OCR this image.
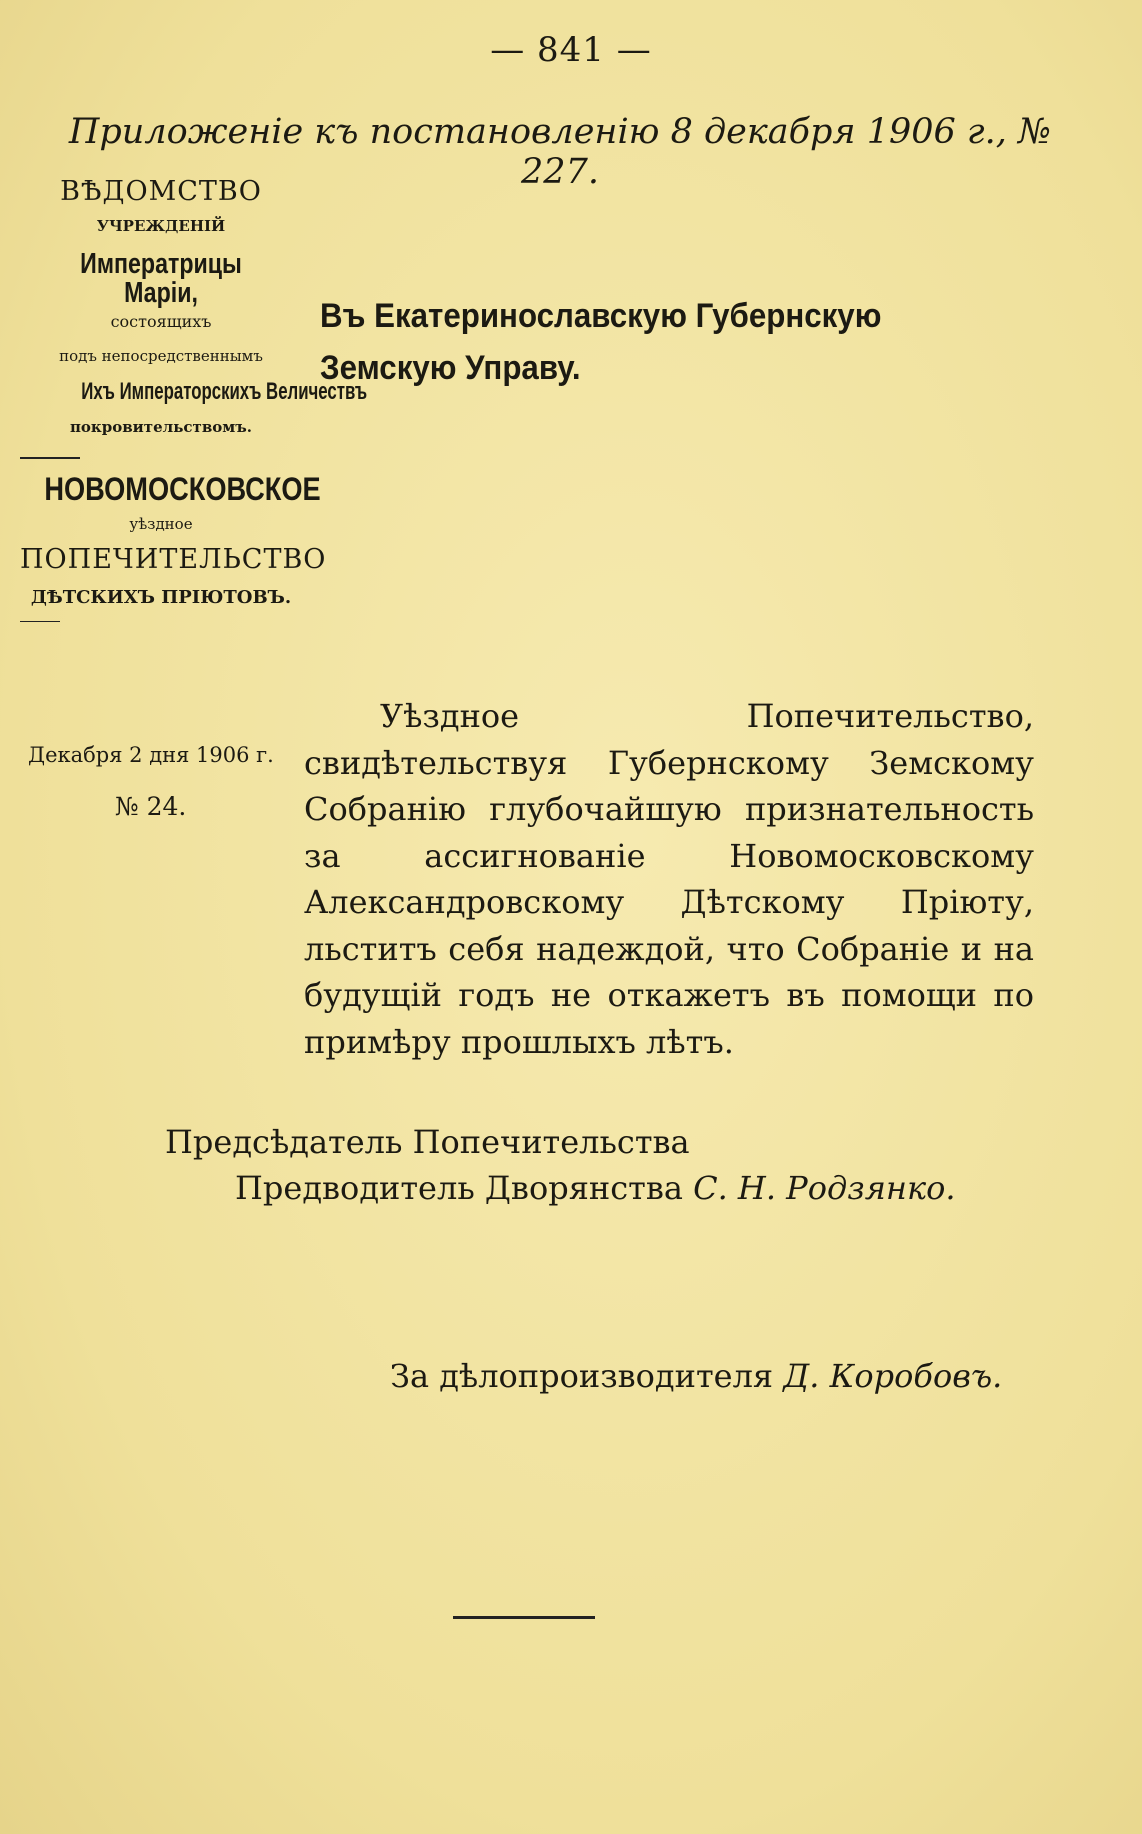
— 841 —
Приложеніе къ постановленію 8 декабря 1906 г., № 227.
ВѢДОМСТВО
УЧРЕЖДЕНІЙ
Императрицы Маріи,
состоящихъ
подъ непосредственнымъ
Ихъ Императорскихъ Величествъ
покровительствомъ.
НОВОМОСКОВСКОЕ
уѣздное
ПОПЕЧИТЕЛЬСТВО
ДѢТСКИХЪ ПРІЮТОВЪ.
Декабря 2 дня 1906 г.
№ 24.
Въ Екатеринославскую Губернскую Земскую Управу.

Уѣздное Попечительство, свидѣтельствуя Губернскому Земскому Собранію глубочайшую признательность за ассигнованіе Новомосковскому Александровскому Дѣтскому Пріюту, льститъ себя надеждой, что Собраніе и на будущій годъ не откажетъ въ помощи по примѣру прошлыхъ лѣтъ.

Предсѣдатель Попечительства
Предводитель Дворянства С. Н. Родзянко.
За дѣлопроизводителя Д. Коробовъ.
